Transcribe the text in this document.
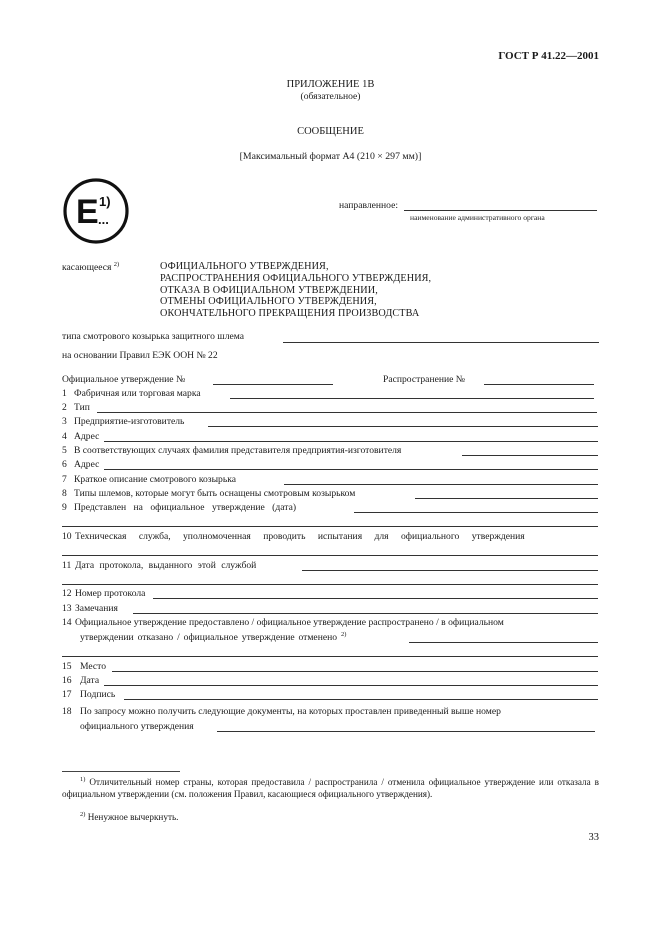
ГОСТ Р 41.22—2001
ПРИЛОЖЕНИЕ 1В
(обязательное)
СООБЩЕНИЕ
[Максимальный формат А4 (210 × 297 мм)]
E ...
1)	направленное:
наименование административного органа
касающееся $^{2)}$	ОФИЦИАЛЬНОГО УТВЕРЖДЕНИЯ,
РАСПРОСТРАНЕНИЯ ОФИЦИАЛЬНОГО УТВЕРЖДЕНИЯ,
ОТКАЗА В ОФИЦИАЛЬНОМ УТВЕРЖДЕНИИ,
ОТМЕНЫ ОФИЦИАЛЬНОГО УТВЕРЖДЕНИЯ,
ОКОНЧАТЕЛЬНОГО ПРЕКРАЩЕНИЯ ПРОИЗВОДСТВА
типа смотрового козырька защитного шлема
на основании Правил ЕЭК ООН № 22
Официальное утверждение №	Распространение №
1 Фабричная или торговая марка
2 Тип
3 Предприятие-изготовитель
4 Адрес
5 В соответствующих случаях фамилия представителя предприятия-изготовителя
6 Адрес
7 Краткое описание смотрового козырька
8 Типы шлемов, которые могут быть оснащены смотровым козырьком
9 Представлен на официальное утверждение (дата)
10 Техническая служба, уполномоченная проводить испытания для официального утверждения
11 Дата протокола, выданного этой службой
12 Номер протокола
13 Замечания
14 Официальное утверждение предоставлено / официальное утверждение распространено / в официальном
утверждении отказано / официальное утверждение отменено $^{2)}$
15 Место
16 Дата
17 Подпись
18 По запросу можно получить следующие документы, на которых проставлен приведенный выше номер
официального утверждения
$^{1)}$ Отличительный номер страны, которая предоставила / распространила / отменила официальное утверждение или отказала в официальном утверждении (см. положения Правил, касающиеся официального утверждения).
$^{2)}$ Ненужное вычеркнуть.
33
